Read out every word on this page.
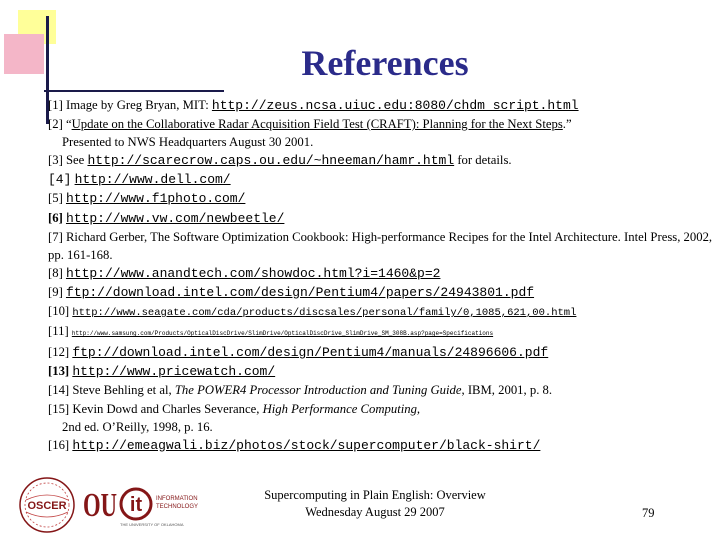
References
[1] Image by Greg Bryan, MIT: http://zeus.ncsa.uiuc.edu:8080/chdm_script.html
[2] “Update on the Collaborative Radar Acquisition Field Test (CRAFT): Planning for the Next Steps.”
Presented to NWS Headquarters August 30 2001.
[3] See http://scarecrow.caps.ou.edu/~hneeman/hamr.html for details.
[4] http://www.dell.com/
[5] http://www.f1photo.com/
[6] http://www.vw.com/newbeetle/
[7] Richard Gerber, The Software Optimization Cookbook: High-performance Recipes for the Intel Architecture. Intel Press, 2002, pp. 161-168.
[8] http://www.anandtech.com/showdoc.html?i=1460&p=2
[9] ftp://download.intel.com/design/Pentium4/papers/24943801.pdf
[10] http://www.seagate.com/cda/products/discsales/personal/family/0,1085,621,00.html
[11] http://www.samsung.com/Products/OpticalDiscDrive/SlimDrive/OpticalDiscDrive_SlimDrive_SM_308B.asp?page=Specifications
[12] ftp://download.intel.com/design/Pentium4/manuals/24896606.pdf
[13] http://www.pricewatch.com/
[14] Steve Behling et al, The POWER4 Processor Introduction and Tuning Guide, IBM, 2001, p. 8.
[15] Kevin Dowd and Charles Severance, High Performance Computing,
2nd ed. O’Reilly, 1998, p. 16.
[16] http://emeagwali.biz/photos/stock/supercomputer/black-shirt/
OSCER OU it INFORMATION
TECHNOLOGY
THE UNIVERSITY OF OKLAHOMA
Supercomputing in Plain English: Overview
Wednesday August 29 2007	79
